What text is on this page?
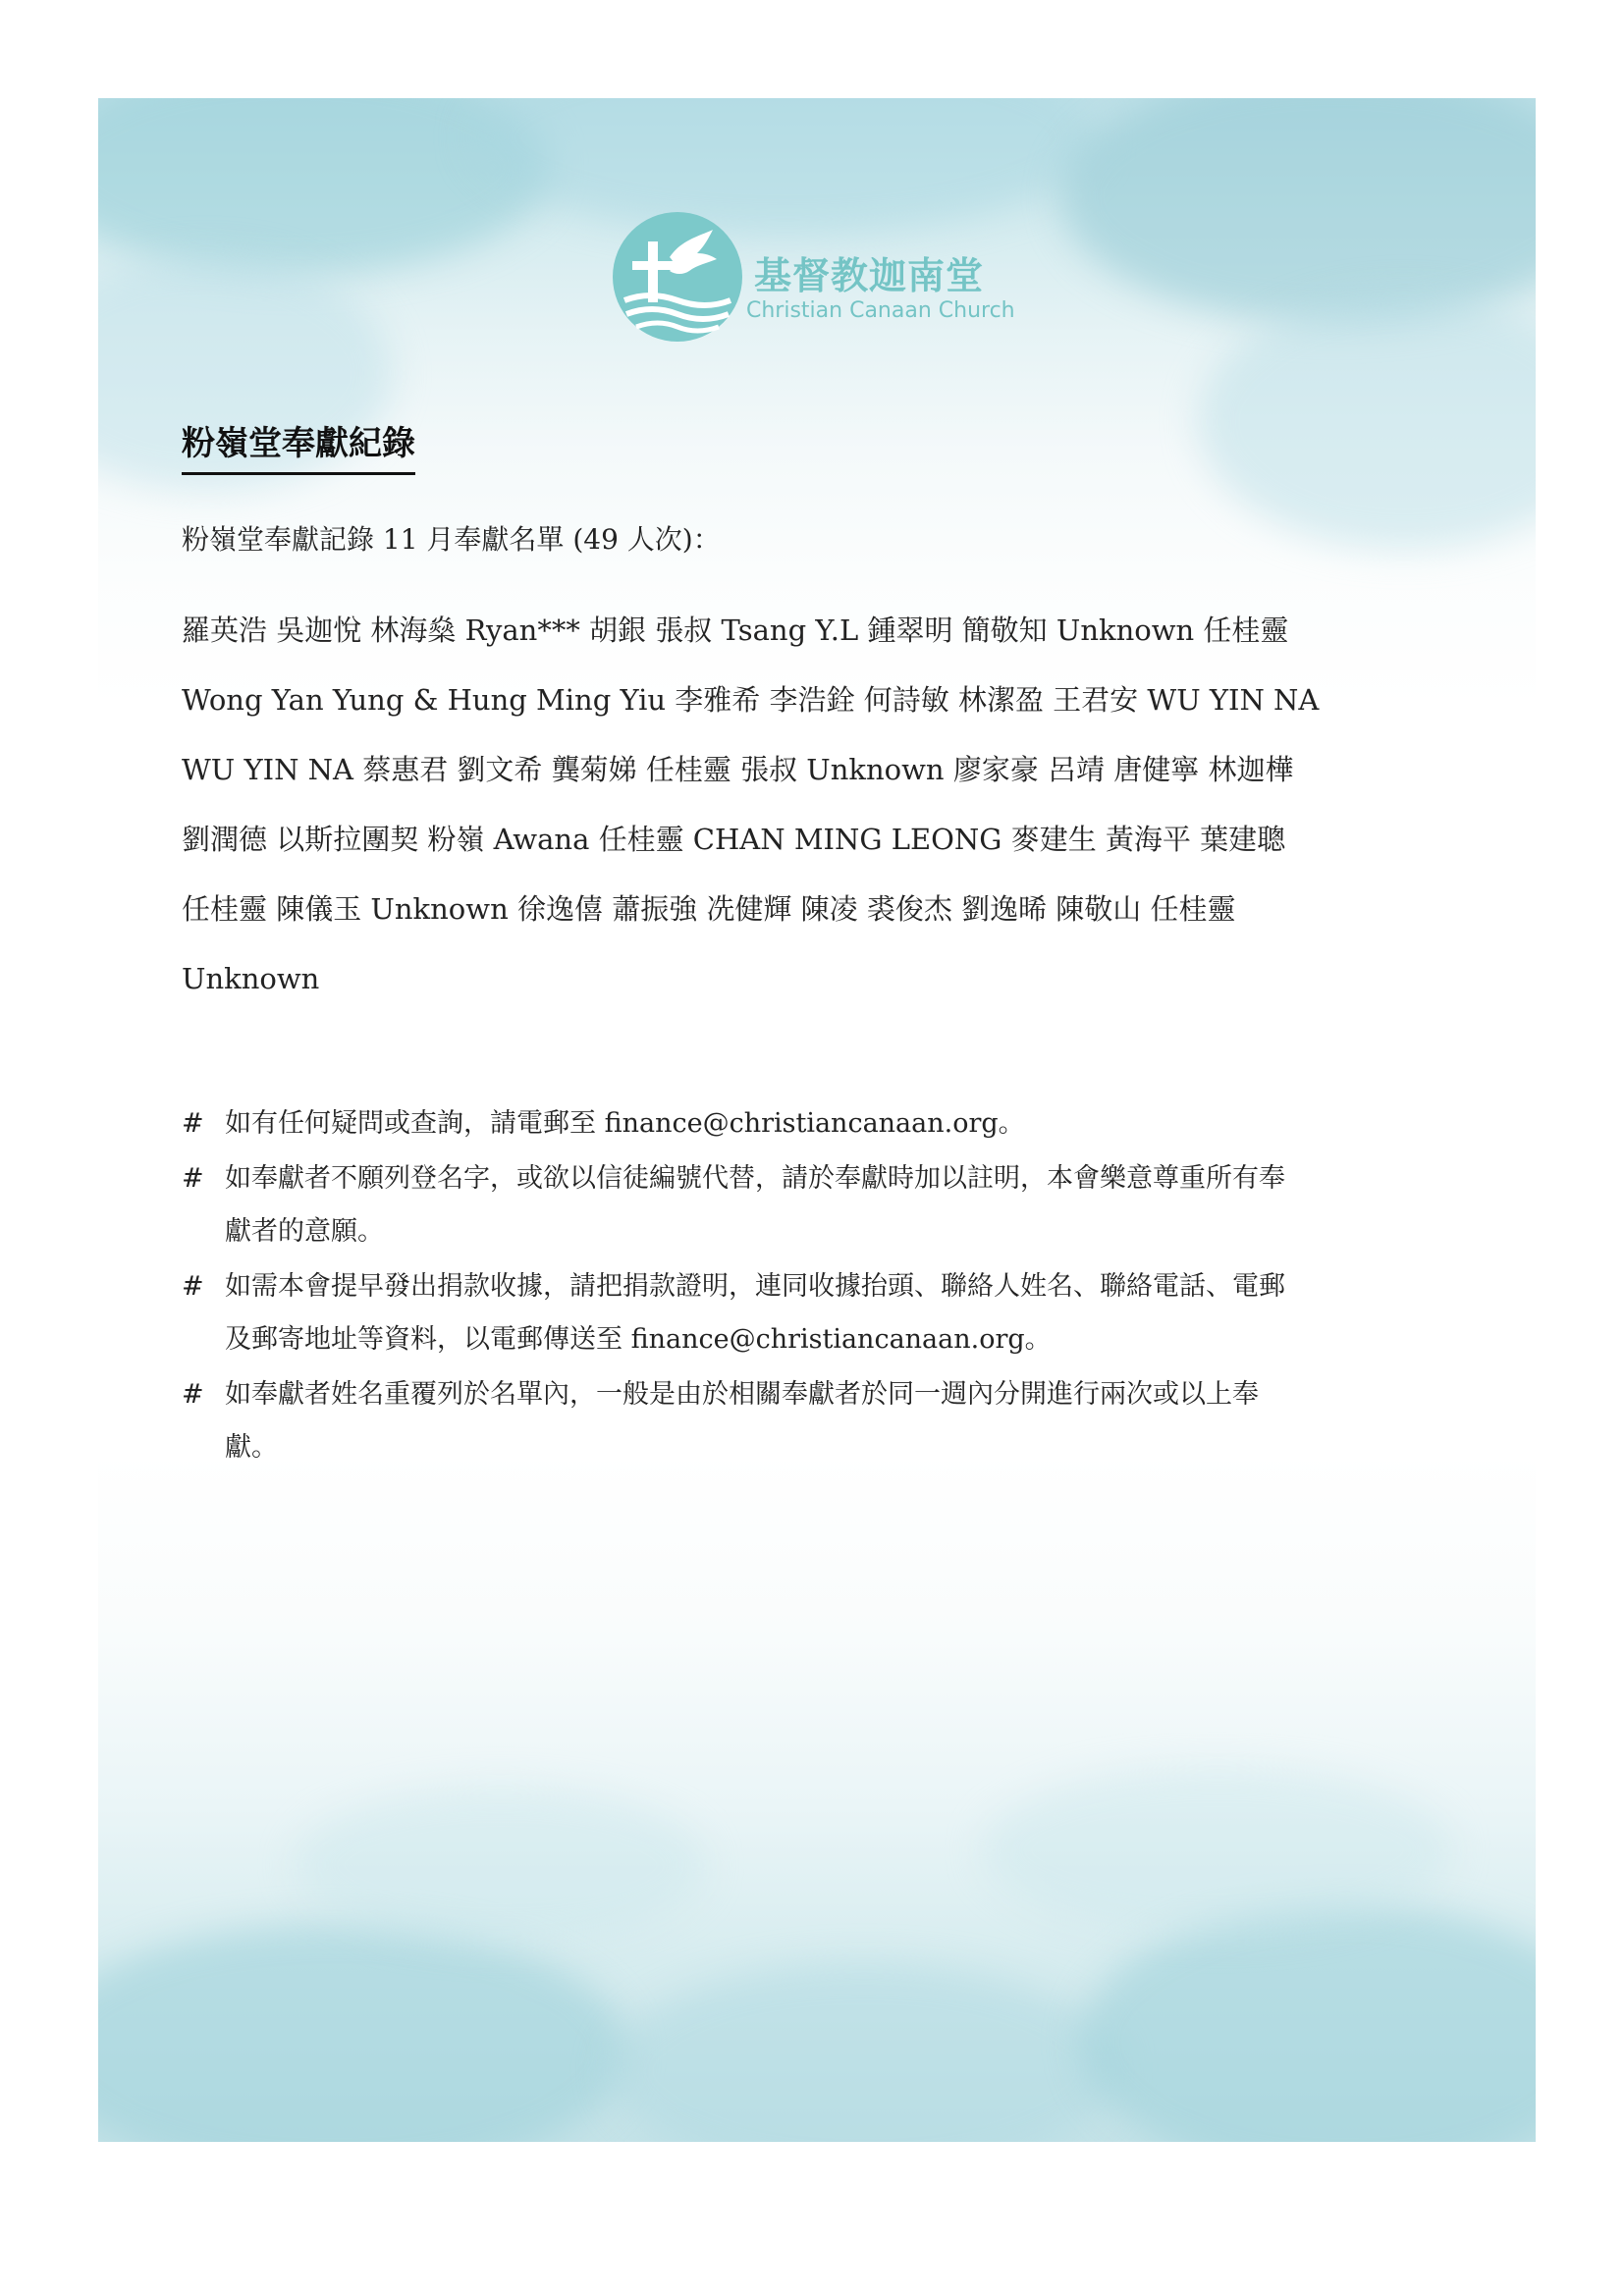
基督教迦南堂
Christian Canaan Church
粉嶺堂奉獻紀錄
粉嶺堂奉獻記錄 11 月奉獻名單 (49 人次)：
羅英浩 吳迦悅 林海燊 Ryan*** 胡銀 張叔 Tsang Y.L 鍾翠明 簡敬知 Unknown 任桂靈
Wong Yan Yung & Hung Ming Yiu 李雅希 李浩銓 何詩敏 林潔盈 王君安 WU YIN NA
WU YIN NA 蔡惠君 劉文希 龔菊娣 任桂靈 張叔 Unknown 廖家豪 呂靖 唐健寧 林迦樺
劉潤德 以斯拉團契 粉嶺 Awana 任桂靈 CHAN MING LEONG 麥建生 黃海平 葉建聰
任桂靈 陳儀玉 Unknown 徐逸僖 蕭振強 冼健輝 陳凌 裘俊杰 劉逸晞 陳敬山 任桂靈
Unknown
# 如有任何疑問或查詢，請電郵至 finance@christiancanaan.org。
# 如奉獻者不願列登名字，或欲以信徒編號代替，請於奉獻時加以註明，本會樂意尊重所有奉
獻者的意願。
# 如需本會提早發出捐款收據，請把捐款證明，連同收據抬頭、聯絡人姓名、聯絡電話、電郵
及郵寄地址等資料，以電郵傳送至 finance@christiancanaan.org。
# 如奉獻者姓名重覆列於名單內，一般是由於相關奉獻者於同一週內分開進行兩次或以上奉
獻。
